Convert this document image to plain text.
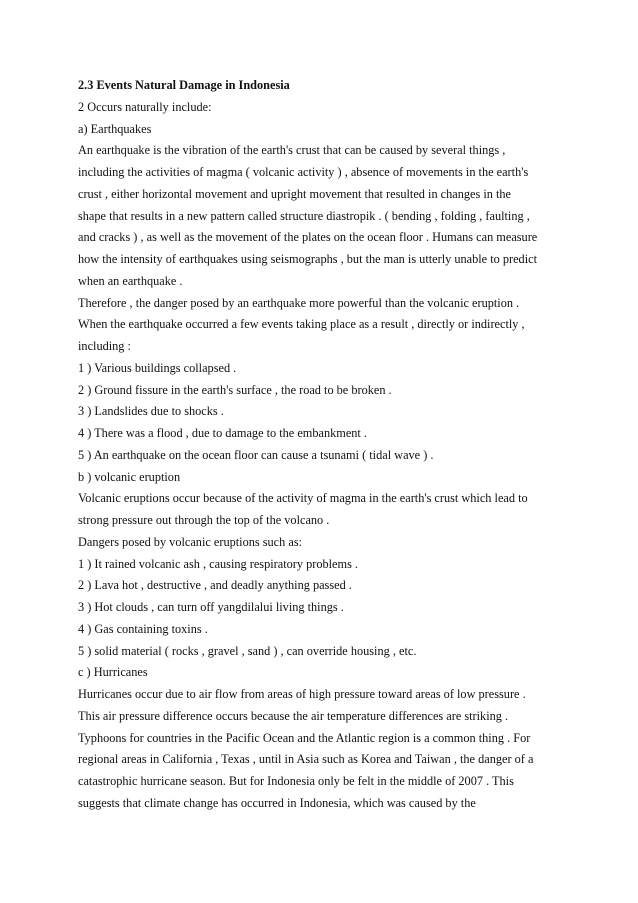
2.3 Events Natural Damage in Indonesia
2 Occurs naturally include:
a) Earthquakes
An earthquake is the vibration of the earth's crust that can be caused by several things ,
including the activities of magma ( volcanic activity ) , absence of movements in the earth's
crust , either horizontal movement and upright movement that resulted in changes in the
shape that results in a new pattern called structure diastropik . ( bending , folding , faulting ,
and cracks ) , as well as the movement of the plates on the ocean floor . Humans can measure
how the intensity of earthquakes using seismographs , but the man is utterly unable to predict
when an earthquake .
Therefore , the danger posed by an earthquake more powerful than the volcanic eruption .
When the earthquake occurred a few events taking place as a result , directly or indirectly ,
including :
1 ) Various buildings collapsed .
2 ) Ground fissure in the earth's surface , the road to be broken .
3 ) Landslides due to shocks .
4 ) There was a flood , due to damage to the embankment .
5 ) An earthquake on the ocean floor can cause a tsunami ( tidal wave ) .
b ) volcanic eruption
Volcanic eruptions occur because of the activity of magma in the earth's crust which lead to
strong pressure out through the top of the volcano .
Dangers posed by volcanic eruptions such as:
1 ) It rained volcanic ash , causing respiratory problems .
2 ) Lava hot , destructive , and deadly anything passed .
3 ) Hot clouds , can turn off yangdilalui living things .
4 ) Gas containing toxins .
5 ) solid material ( rocks , gravel , sand ) , can override housing , etc.
c ) Hurricanes
Hurricanes occur due to air flow from areas of high pressure toward areas of low pressure .
This air pressure difference occurs because the air temperature differences are striking .
Typhoons for countries in the Pacific Ocean and the Atlantic region is a common thing . For
regional areas in California , Texas , until in Asia such as Korea and Taiwan , the danger of a
catastrophic hurricane season. But for Indonesia only be felt in the middle of 2007 . This
suggests that climate change has occurred in Indonesia, which was caused by the
